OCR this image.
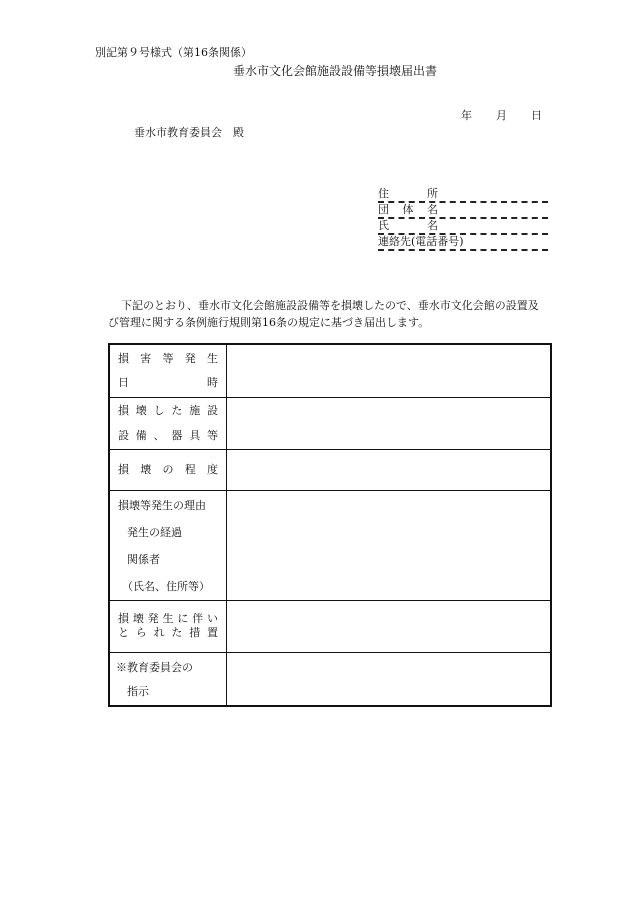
別記第９号様式（第16条関係）
垂水市文化会館施設設備等損壊届出書
年 月 日
垂水市教育委員会　殿
住	所
団 体 名
氏	名
連絡先(電話番号)
下記のとおり、垂水市文化会館施設設備等を損壊したので、垂水市文化会館の設置及
び管理に関する条例施行規則第16条の規定に基づき届出します。
損 害 等 発 生
日	時
損 壊 し た 施 設
設 備 、 器 具 等
損 壊 の 程 度
損壊等発生の理由
発生の経過
関係者
（氏名、住所等）
損 壊 発 生 に 伴 い
と ら れ た 措 置
※教育委員会の
指示
